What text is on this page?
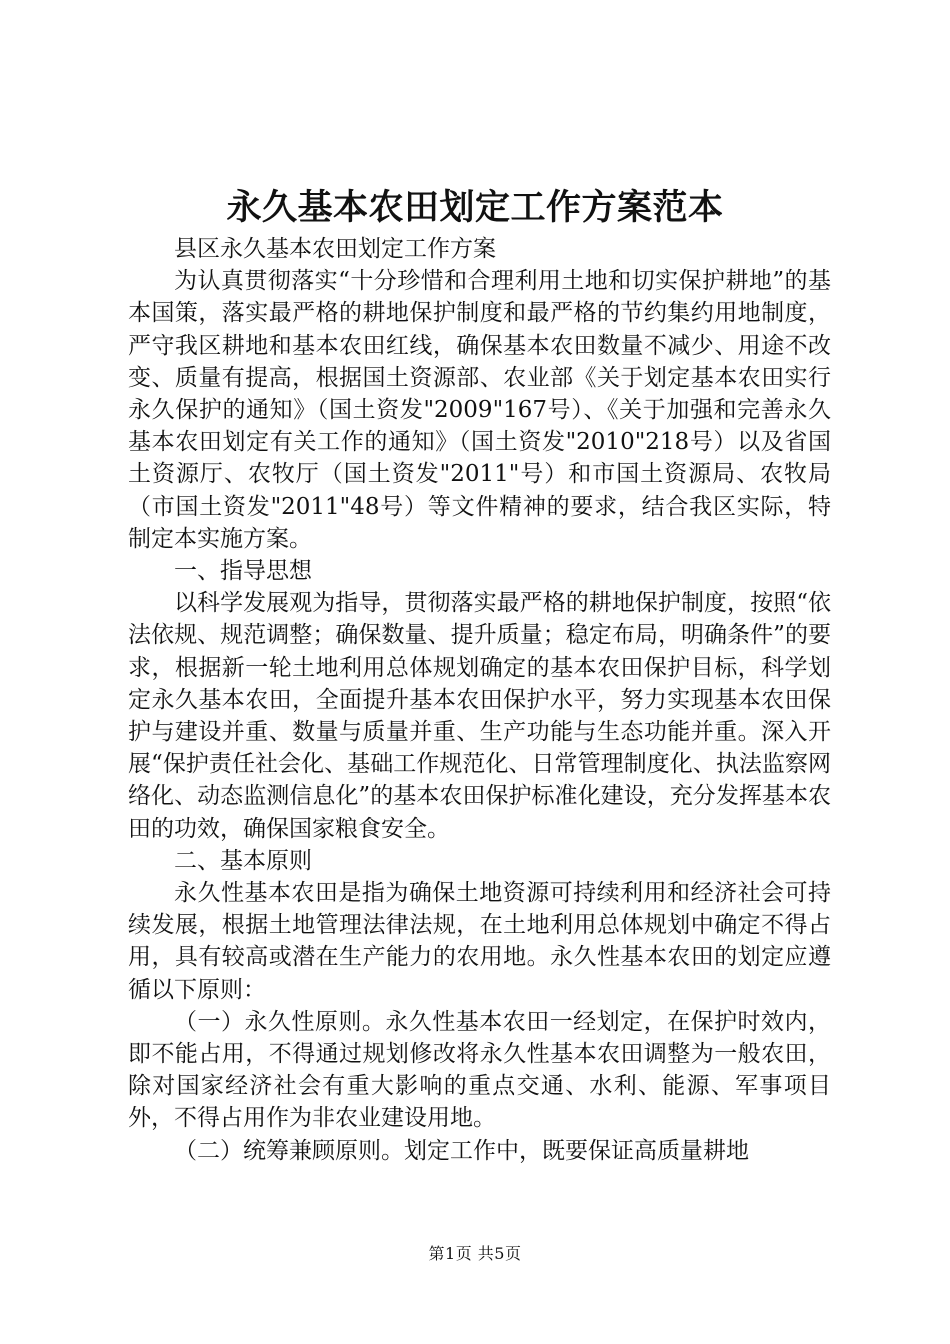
永久基本农田划定工作方案范本

县区永久基本农田划定工作方案

为认真贯彻落实“十分珍惜和合理利用土地和切实保护耕地”的基本国策，落实最严格的耕地保护制度和最严格的节约集约用地制度，严守我区耕地和基本农田红线，确保基本农田数量不减少、用途不改变、质量有提高，根据国土资源部、农业部《关于划定基本农田实行永久保护的通知》（国土资发"2009"167号）、《关于加强和完善永久基本农田划定有关工作的通知》（国土资发"2010"218号）以及省国土资源厅、农牧厅（国土资发"2011"号）和市国土资源局、农牧局（市国土资发"2011"48号）等文件精神的要求，结合我区实际，特制定本实施方案。

一、指导思想

以科学发展观为指导，贯彻落实最严格的耕地保护制度，按照“依法依规、规范调整；确保数量、提升质量；稳定布局，明确条件”的要求，根据新一轮土地利用总体规划确定的基本农田保护目标，科学划定永久基本农田，全面提升基本农田保护水平，努力实现基本农田保护与建设并重、数量与质量并重、生产功能与生态功能并重。深入开展“保护责任社会化、基础工作规范化、日常管理制度化、执法监察网络化、动态监测信息化”的基本农田保护标准化建设，充分发挥基本农田的功效，确保国家粮食安全。

二、基本原则

永久性基本农田是指为确保土地资源可持续利用和经济社会可持续发展，根据土地管理法律法规，在土地利用总体规划中确定不得占用，具有较高或潜在生产能力的农用地。永久性基本农田的划定应遵循以下原则：

（一）永久性原则。永久性基本农田一经划定，在保护时效内，即不能占用，不得通过规划修改将永久性基本农田调整为一般农田，除对国家经济社会有重大影响的重点交通、水利、能源、军事项目外，不得占用作为非农业建设用地。

（二）统筹兼顾原则。划定工作中，既要保证高质量耕地

第1页 共5页
